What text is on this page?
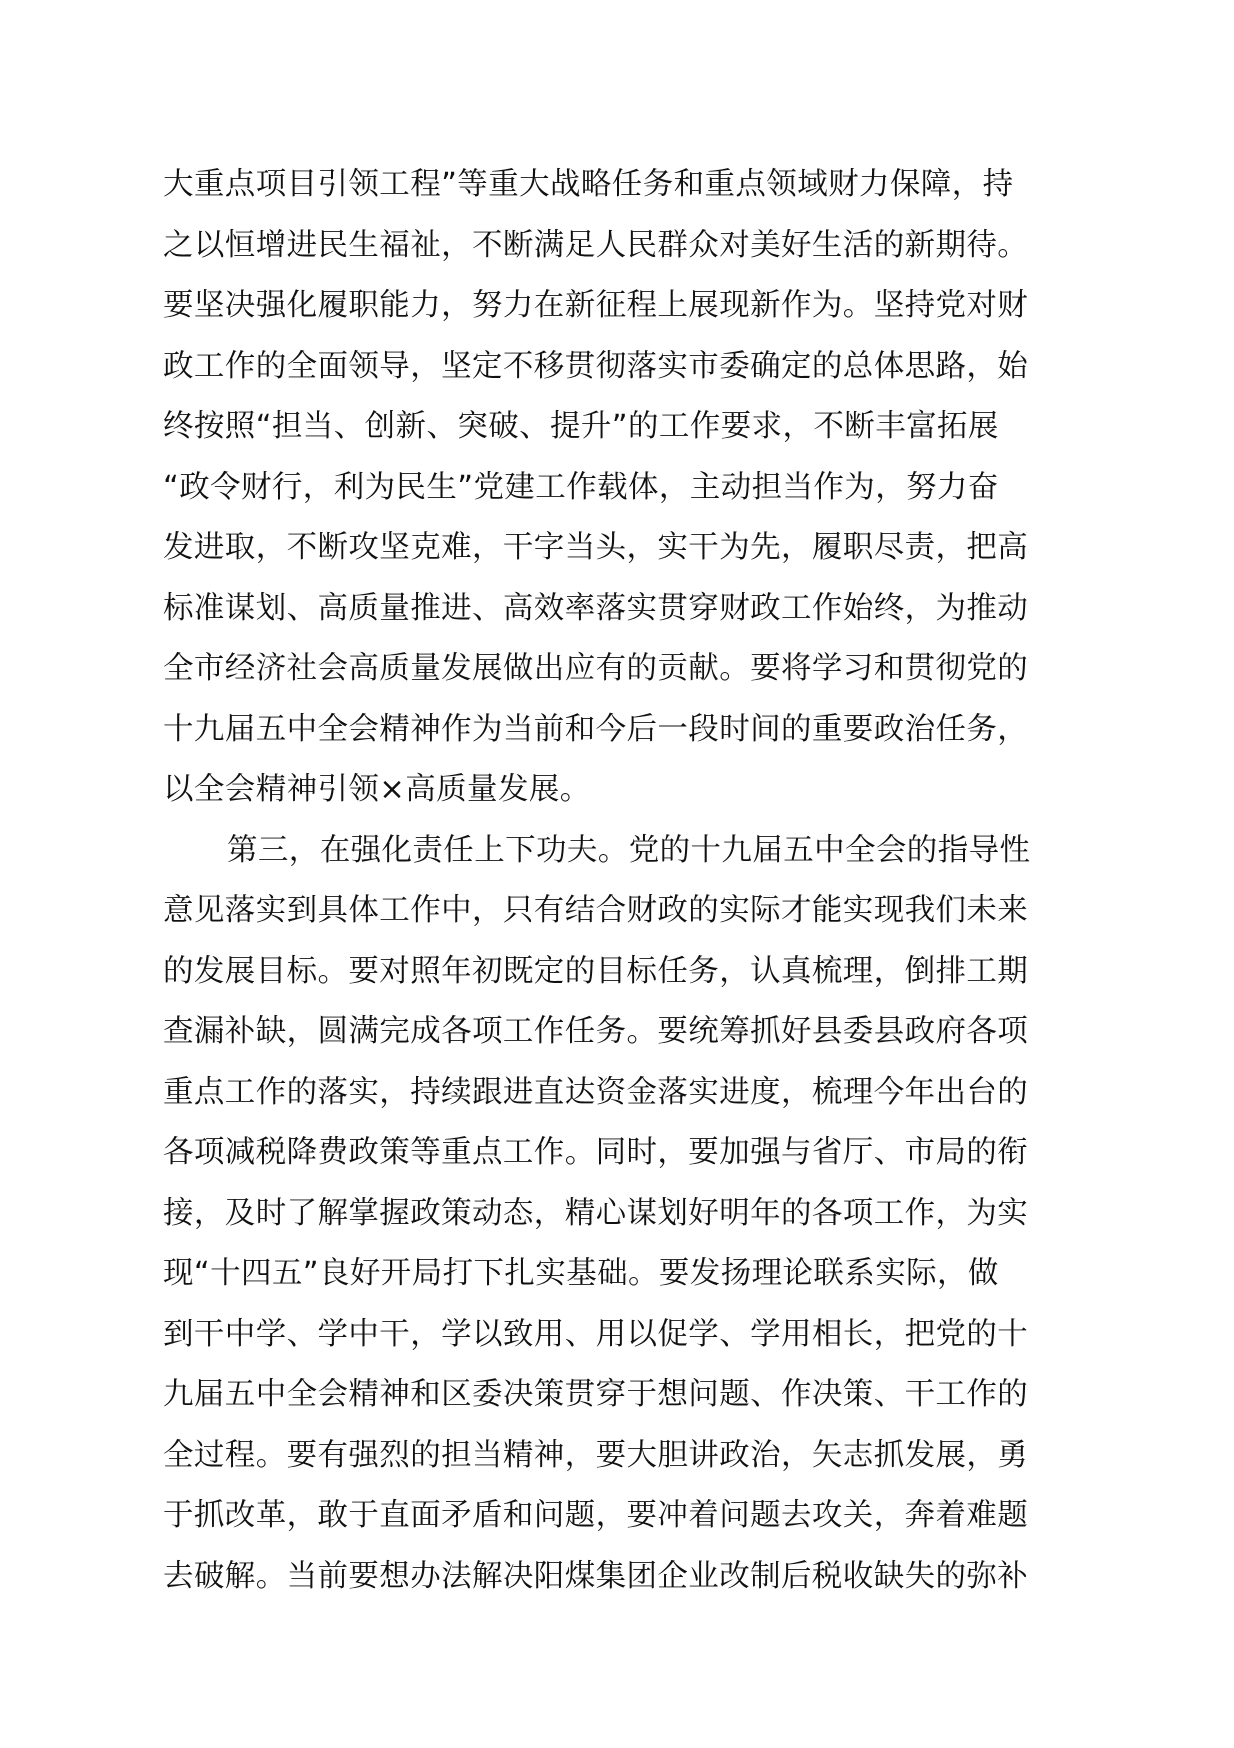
大重点项目引领工程”等重大战略任务和重点领域财力保障，持
之以恒增进民生福祉，不断满足人民群众对美好生活的新期待。
要坚决强化履职能力，努力在新征程上展现新作为。坚持党对财
政工作的全面领导，坚定不移贯彻落实市委确定的总体思路，始
终按照“担当、创新、突破、提升”的工作要求，不断丰富拓展
“政令财行，利为民生”党建工作载体，主动担当作为，努力奋
发进取，不断攻坚克难，干字当头，实干为先，履职尽责，把高
标准谋划、高质量推进、高效率落实贯穿财政工作始终，为推动
全市经济社会高质量发展做出应有的贡献。要将学习和贯彻党的
十九届五中全会精神作为当前和今后一段时间的重要政治任务，
以全会精神引领×高质量发展。
第三，在强化责任上下功夫。党的十九届五中全会的指导性
意见落实到具体工作中，只有结合财政的实际才能实现我们未来
的发展目标。要对照年初既定的目标任务，认真梳理，倒排工期
查漏补缺，圆满完成各项工作任务。要统筹抓好县委县政府各项
重点工作的落实，持续跟进直达资金落实进度，梳理今年出台的
各项减税降费政策等重点工作。同时，要加强与省厅、市局的衔
接，及时了解掌握政策动态，精心谋划好明年的各项工作，为实
现“十四五”良好开局打下扎实基础。要发扬理论联系实际，做
到干中学、学中干，学以致用、用以促学、学用相长，把党的十
九届五中全会精神和区委决策贯穿于想问题、作决策、干工作的
全过程。要有强烈的担当精神，要大胆讲政治，矢志抓发展，勇
于抓改革，敢于直面矛盾和问题，要冲着问题去攻关，奔着难题
去破解。当前要想办法解决阳煤集团企业改制后税收缺失的弥补
